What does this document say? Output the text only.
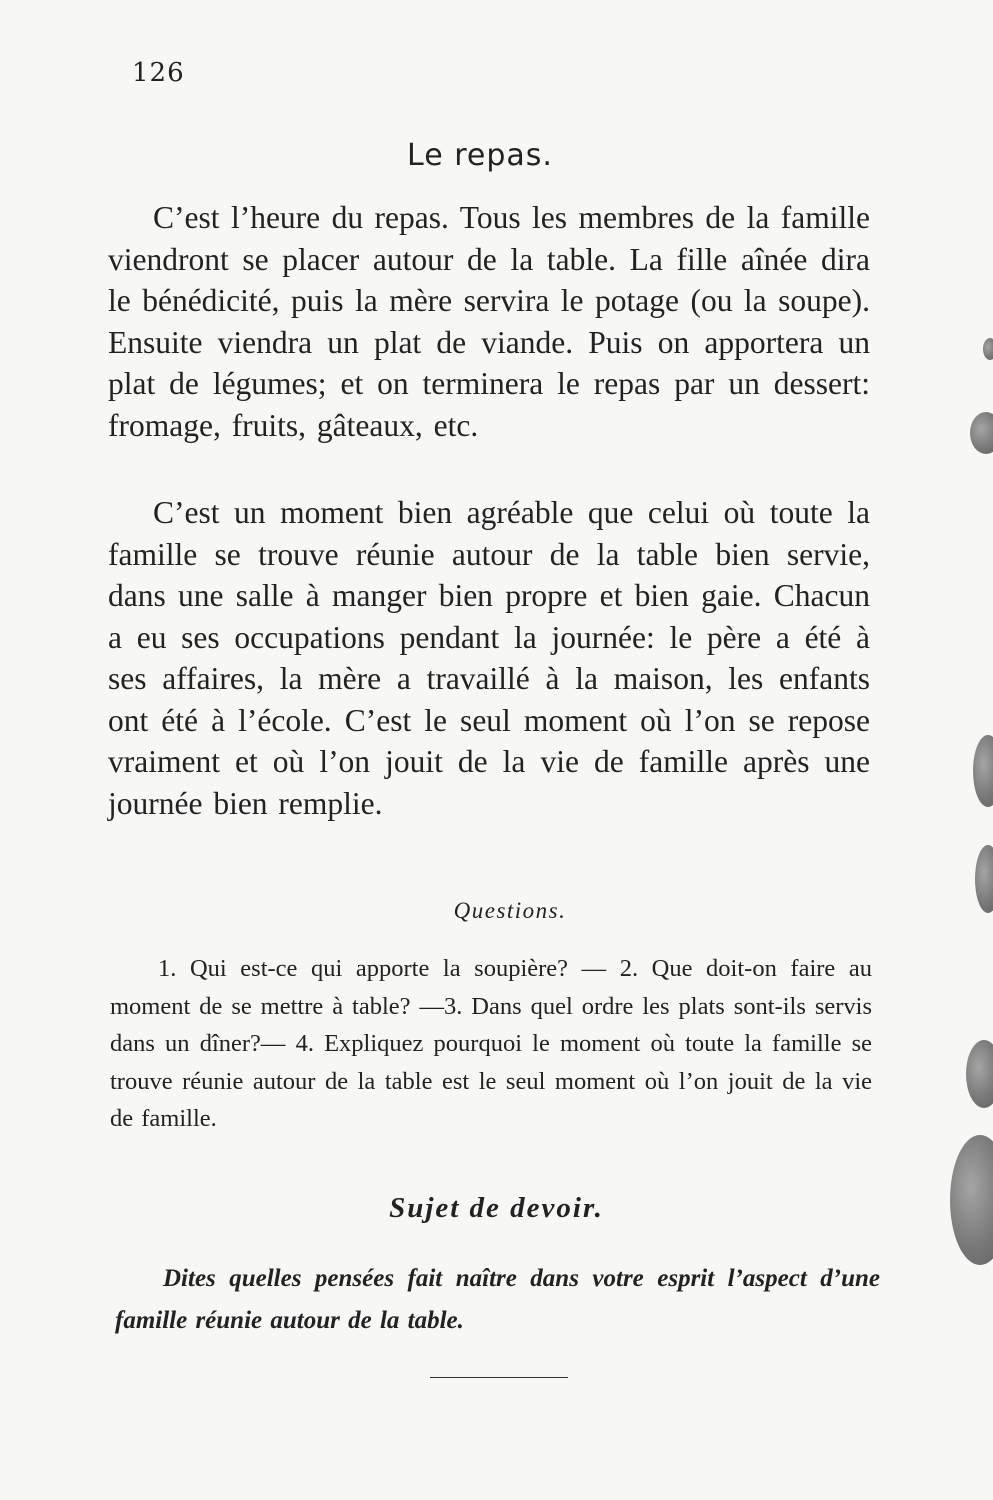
126
Le repas.

C’est l’heure du repas. Tous les membres de la famille viendront se placer autour de la table. La fille aînée dira le bénédicité, puis la mère servira le potage (ou la soupe). Ensuite viendra un plat de viande. Puis on apportera un plat de légumes; et on terminera le repas par un dessert: fromage, fruits, gâteaux, etc.

C’est un moment bien agréable que celui où toute la famille se trouve réunie autour de la table bien servie, dans une salle à manger bien propre et bien gaie. Chacun a eu ses occupations pendant la journée: le père a été à ses affaires, la mère a travaillé à la maison, les enfants ont été à l’école. C’est le seul moment où l’on se repose vraiment et où l’on jouit de la vie de famille après une journée bien remplie.

Questions.

1. Qui est-ce qui apporte la soupière? — 2. Que doit-on faire au moment de se mettre à table? —3. Dans quel ordre les plats sont-ils servis dans un dîner?— 4. Expliquez pourquoi le moment où toute la famille se trouve réunie autour de la table est le seul moment où l’on jouit de la vie de famille.

Sujet de devoir.

Dites quelles pensées fait naître dans votre esprit l’aspect d’une famille réunie autour de la table.
